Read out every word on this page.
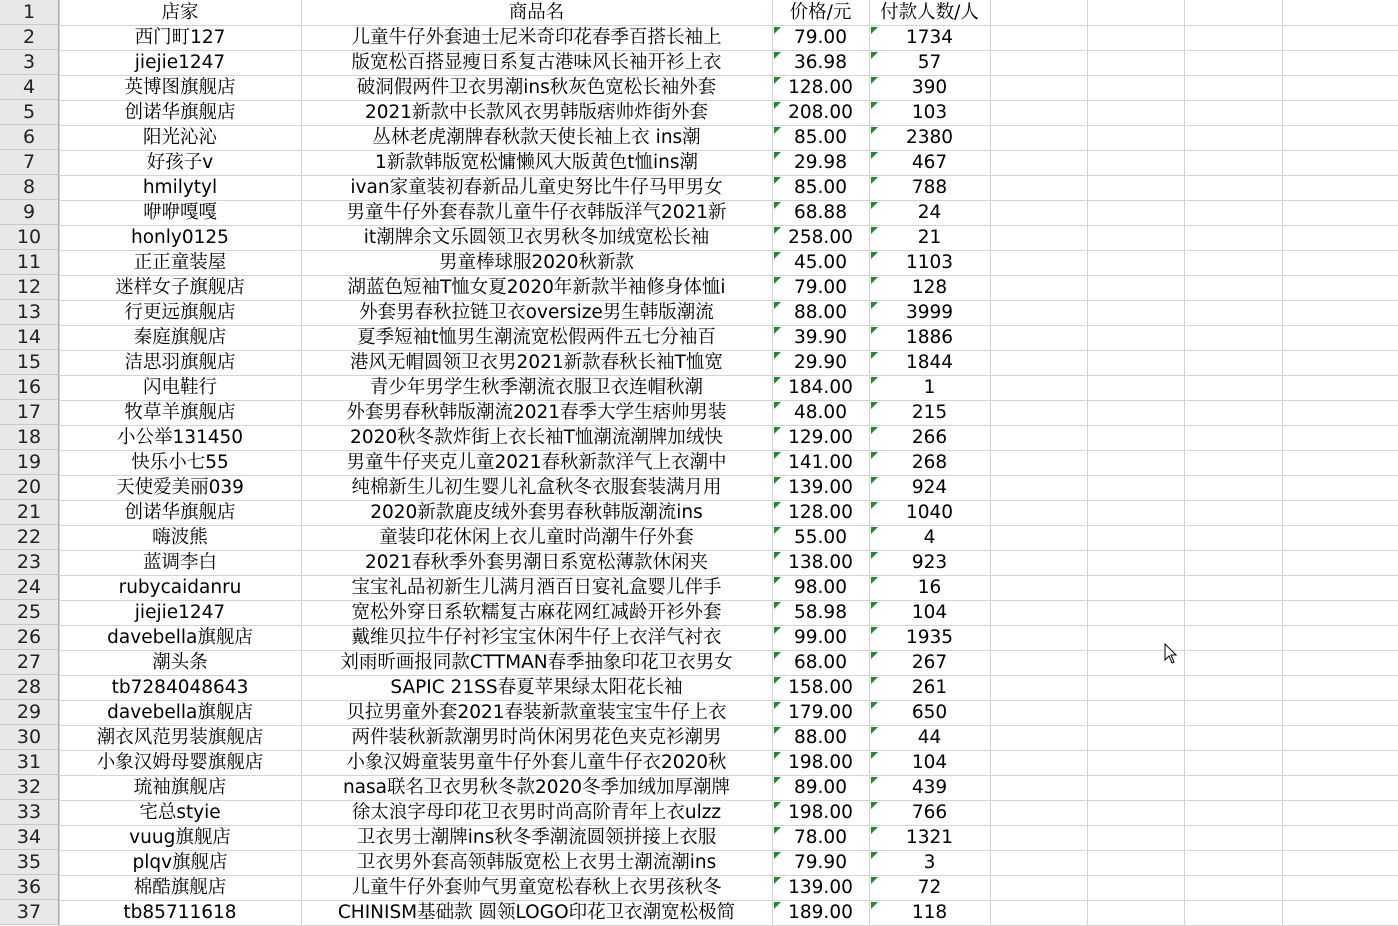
1	店家	商品名	价格/元	付款人数/人
2	西门町127	儿童牛仔外套迪士尼米奇印花春季百搭长袖上	79.00	1734
3	jiejie1247	版宽松百搭显瘦日系复古港味风长袖开衫上衣	36.98	57
4	英博图旗舰店	破洞假两件卫衣男潮ins秋灰色宽松长袖外套	128.00	390
5	创诺华旗舰店	2021新款中长款风衣男韩版痞帅炸街外套	208.00	103
6	阳光沁沁	丛林老虎潮牌春秋款天使长袖上衣 ins潮	85.00	2380
7	好孩子v	1新款韩版宽松慵懒风大版黄色t恤ins潮	29.98	467
8	hmilytyl	ivan家童装初春新品儿童史努比牛仔马甲男女	85.00	788
9	咿咿嘎嘎	男童牛仔外套春款儿童牛仔衣韩版洋气2021新	68.88	24
10	honly0125	it潮牌余文乐圆领卫衣男秋冬加绒宽松长袖	258.00	21
11	正正童装屋	男童棒球服2020秋新款	45.00	1103
12	迷样女子旗舰店	湖蓝色短袖T恤女夏2020年新款半袖修身体恤i	79.00	128
13	行更远旗舰店	外套男春秋拉链卫衣oversize男生韩版潮流	88.00	3999
14	秦庭旗舰店	夏季短袖t恤男生潮流宽松假两件五七分袖百	39.90	1886
15	洁思羽旗舰店	港风无帽圆领卫衣男2021新款春秋长袖T恤宽	29.90	1844
16	闪电鞋行	青少年男学生秋季潮流衣服卫衣连帽秋潮	184.00	1
17	牧草羊旗舰店	外套男春秋韩版潮流2021春季大学生痞帅男装	48.00	215
18	小公举131450	2020秋冬款炸街上衣长袖T恤潮流潮牌加绒快	129.00	266
19	快乐小七55	男童牛仔夹克儿童2021春秋新款洋气上衣潮中	141.00	268
20	天使爱美丽039	纯棉新生儿初生婴儿礼盒秋冬衣服套装满月用	139.00	924
21	创诺华旗舰店	2020新款鹿皮绒外套男春秋韩版潮流ins	128.00	1040
22	嗨波熊	童装印花休闲上衣儿童时尚潮牛仔外套	55.00	4
23	蓝调李白	2021春秋季外套男潮日系宽松薄款休闲夹	138.00	923
24	rubycaidanru	宝宝礼品初新生儿满月酒百日宴礼盒婴儿伴手	98.00	16
25	jiejie1247	宽松外穿日系软糯复古麻花网红减龄开衫外套	58.98	104
26	davebella旗舰店	戴维贝拉牛仔衬衫宝宝休闲牛仔上衣洋气衬衣	99.00	1935
27	潮头条	刘雨昕画报同款CTTMAN春季抽象印花卫衣男女	68.00	267
28	tb7284048643	SAPIC 21SS春夏苹果绿太阳花长袖	158.00	261
29	davebella旗舰店	贝拉男童外套2021春装新款童装宝宝牛仔上衣	179.00	650
30	潮衣风范男装旗舰店	两件装秋新款潮男时尚休闲男花色夹克衫潮男	88.00	44
31	小象汉姆母婴旗舰店	小象汉姆童装男童牛仔外套儿童牛仔衣2020秋	198.00	104
32	琉袖旗舰店	nasa联名卫衣男秋冬款2020冬季加绒加厚潮牌	89.00	439
33	宅总styie	徐太浪字母印花卫衣男时尚高阶青年上衣ulzz	198.00	766
34	vuug旗舰店	卫衣男士潮牌ins秋冬季潮流圆领拼接上衣服	78.00	1321
35	plqv旗舰店	卫衣男外套高领韩版宽松上衣男士潮流潮ins	79.90	3
36	棉酷旗舰店	儿童牛仔外套帅气男童宽松春秋上衣男孩秋冬	139.00	72
37	tb85711618	CHINISM基础款 圆领LOGO印花卫衣潮宽松极简	189.00	118
